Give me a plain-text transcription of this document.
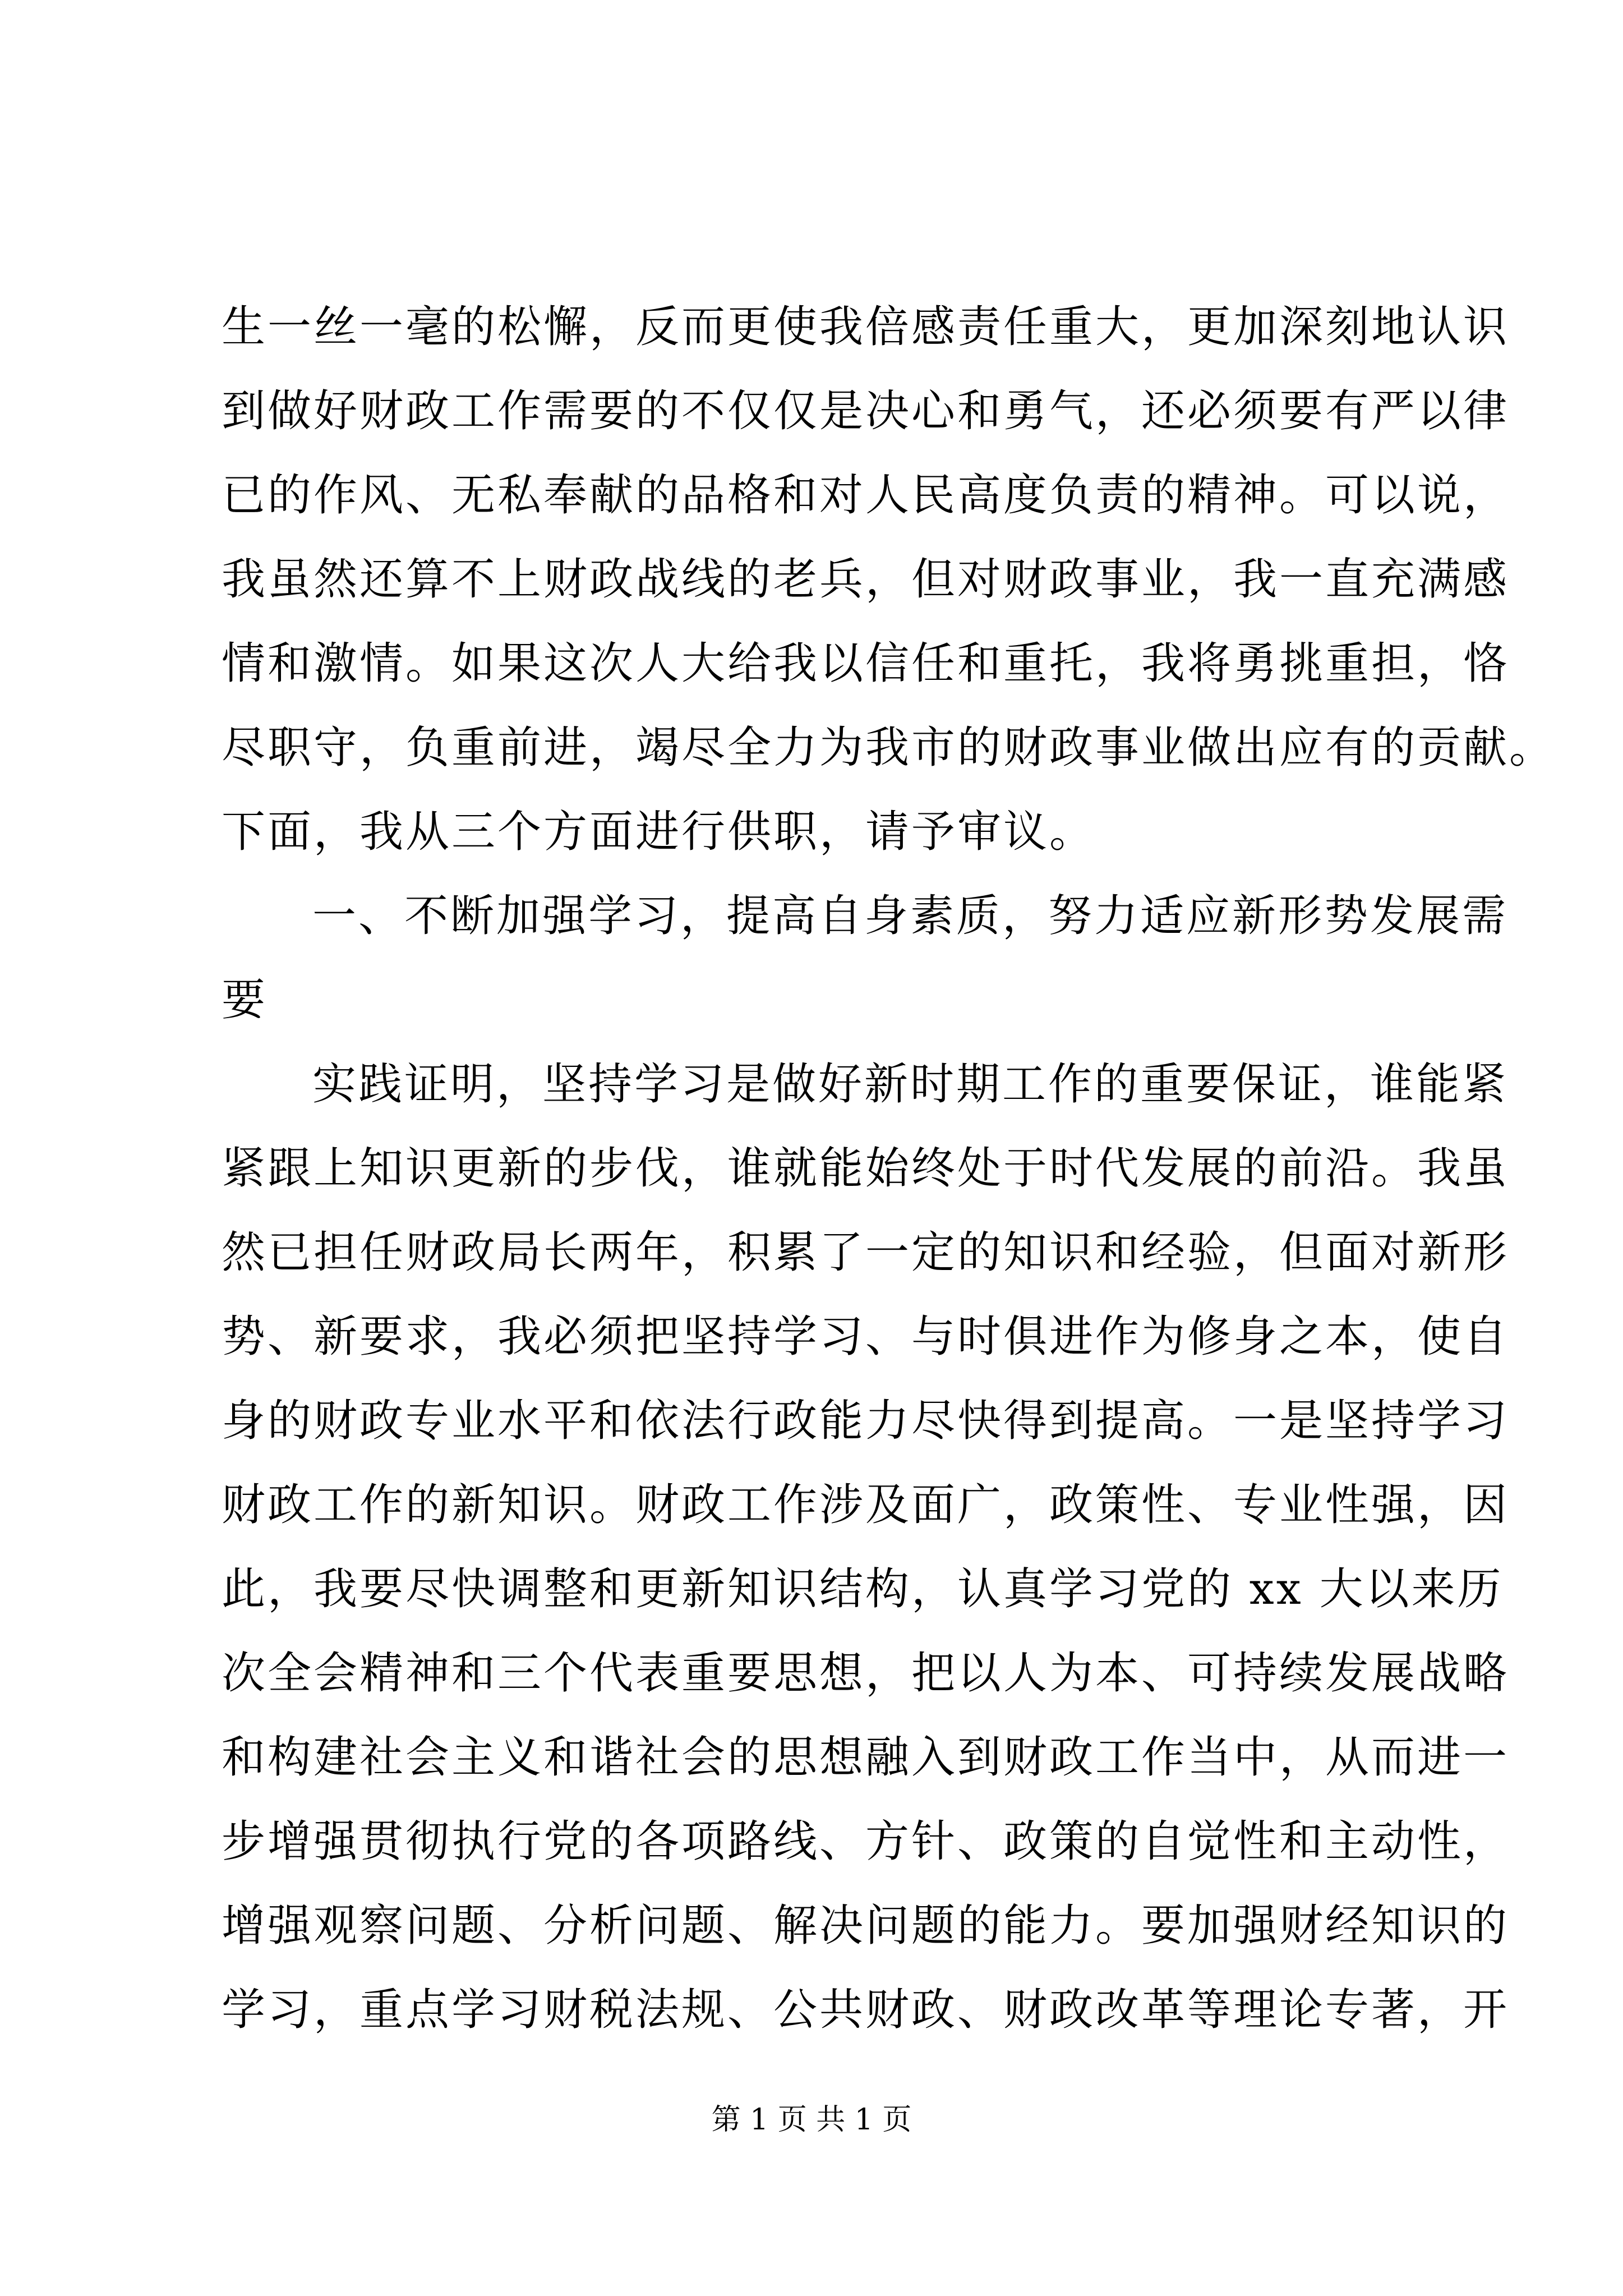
生一丝一毫的松懈，反而更使我倍感责任重大，更加深刻地认识
到做好财政工作需要的不仅仅是决心和勇气，还必须要有严以律
已的作风、无私奉献的品格和对人民高度负责的精神。可以说，
我虽然还算不上财政战线的老兵，但对财政事业，我一直充满感
情和激情。如果这次人大给我以信任和重托，我将勇挑重担，恪
尽职守，负重前进，竭尽全力为我市的财政事业做出应有的贡献。
下面，我从三个方面进行供职，请予审议。
一、不断加强学习，提高自身素质，努力适应新形势发展需
要
实践证明，坚持学习是做好新时期工作的重要保证，谁能紧
紧跟上知识更新的步伐，谁就能始终处于时代发展的前沿。我虽
然已担任财政局长两年，积累了一定的知识和经验，但面对新形
势、新要求，我必须把坚持学习、与时俱进作为修身之本，使自
身的财政专业水平和依法行政能力尽快得到提高。一是坚持学习
财政工作的新知识。财政工作涉及面广，政策性、专业性强，因
此，我要尽快调整和更新知识结构，认真学习党的 xx 大以来历
次全会精神和三个代表重要思想，把以人为本、可持续发展战略
和构建社会主义和谐社会的思想融入到财政工作当中，从而进一
步增强贯彻执行党的各项路线、方针、政策的自觉性和主动性，
增强观察问题、分析问题、解决问题的能力。要加强财经知识的
学习，重点学习财税法规、公共财政、财政改革等理论专著，开
第 1 页 共 1 页
